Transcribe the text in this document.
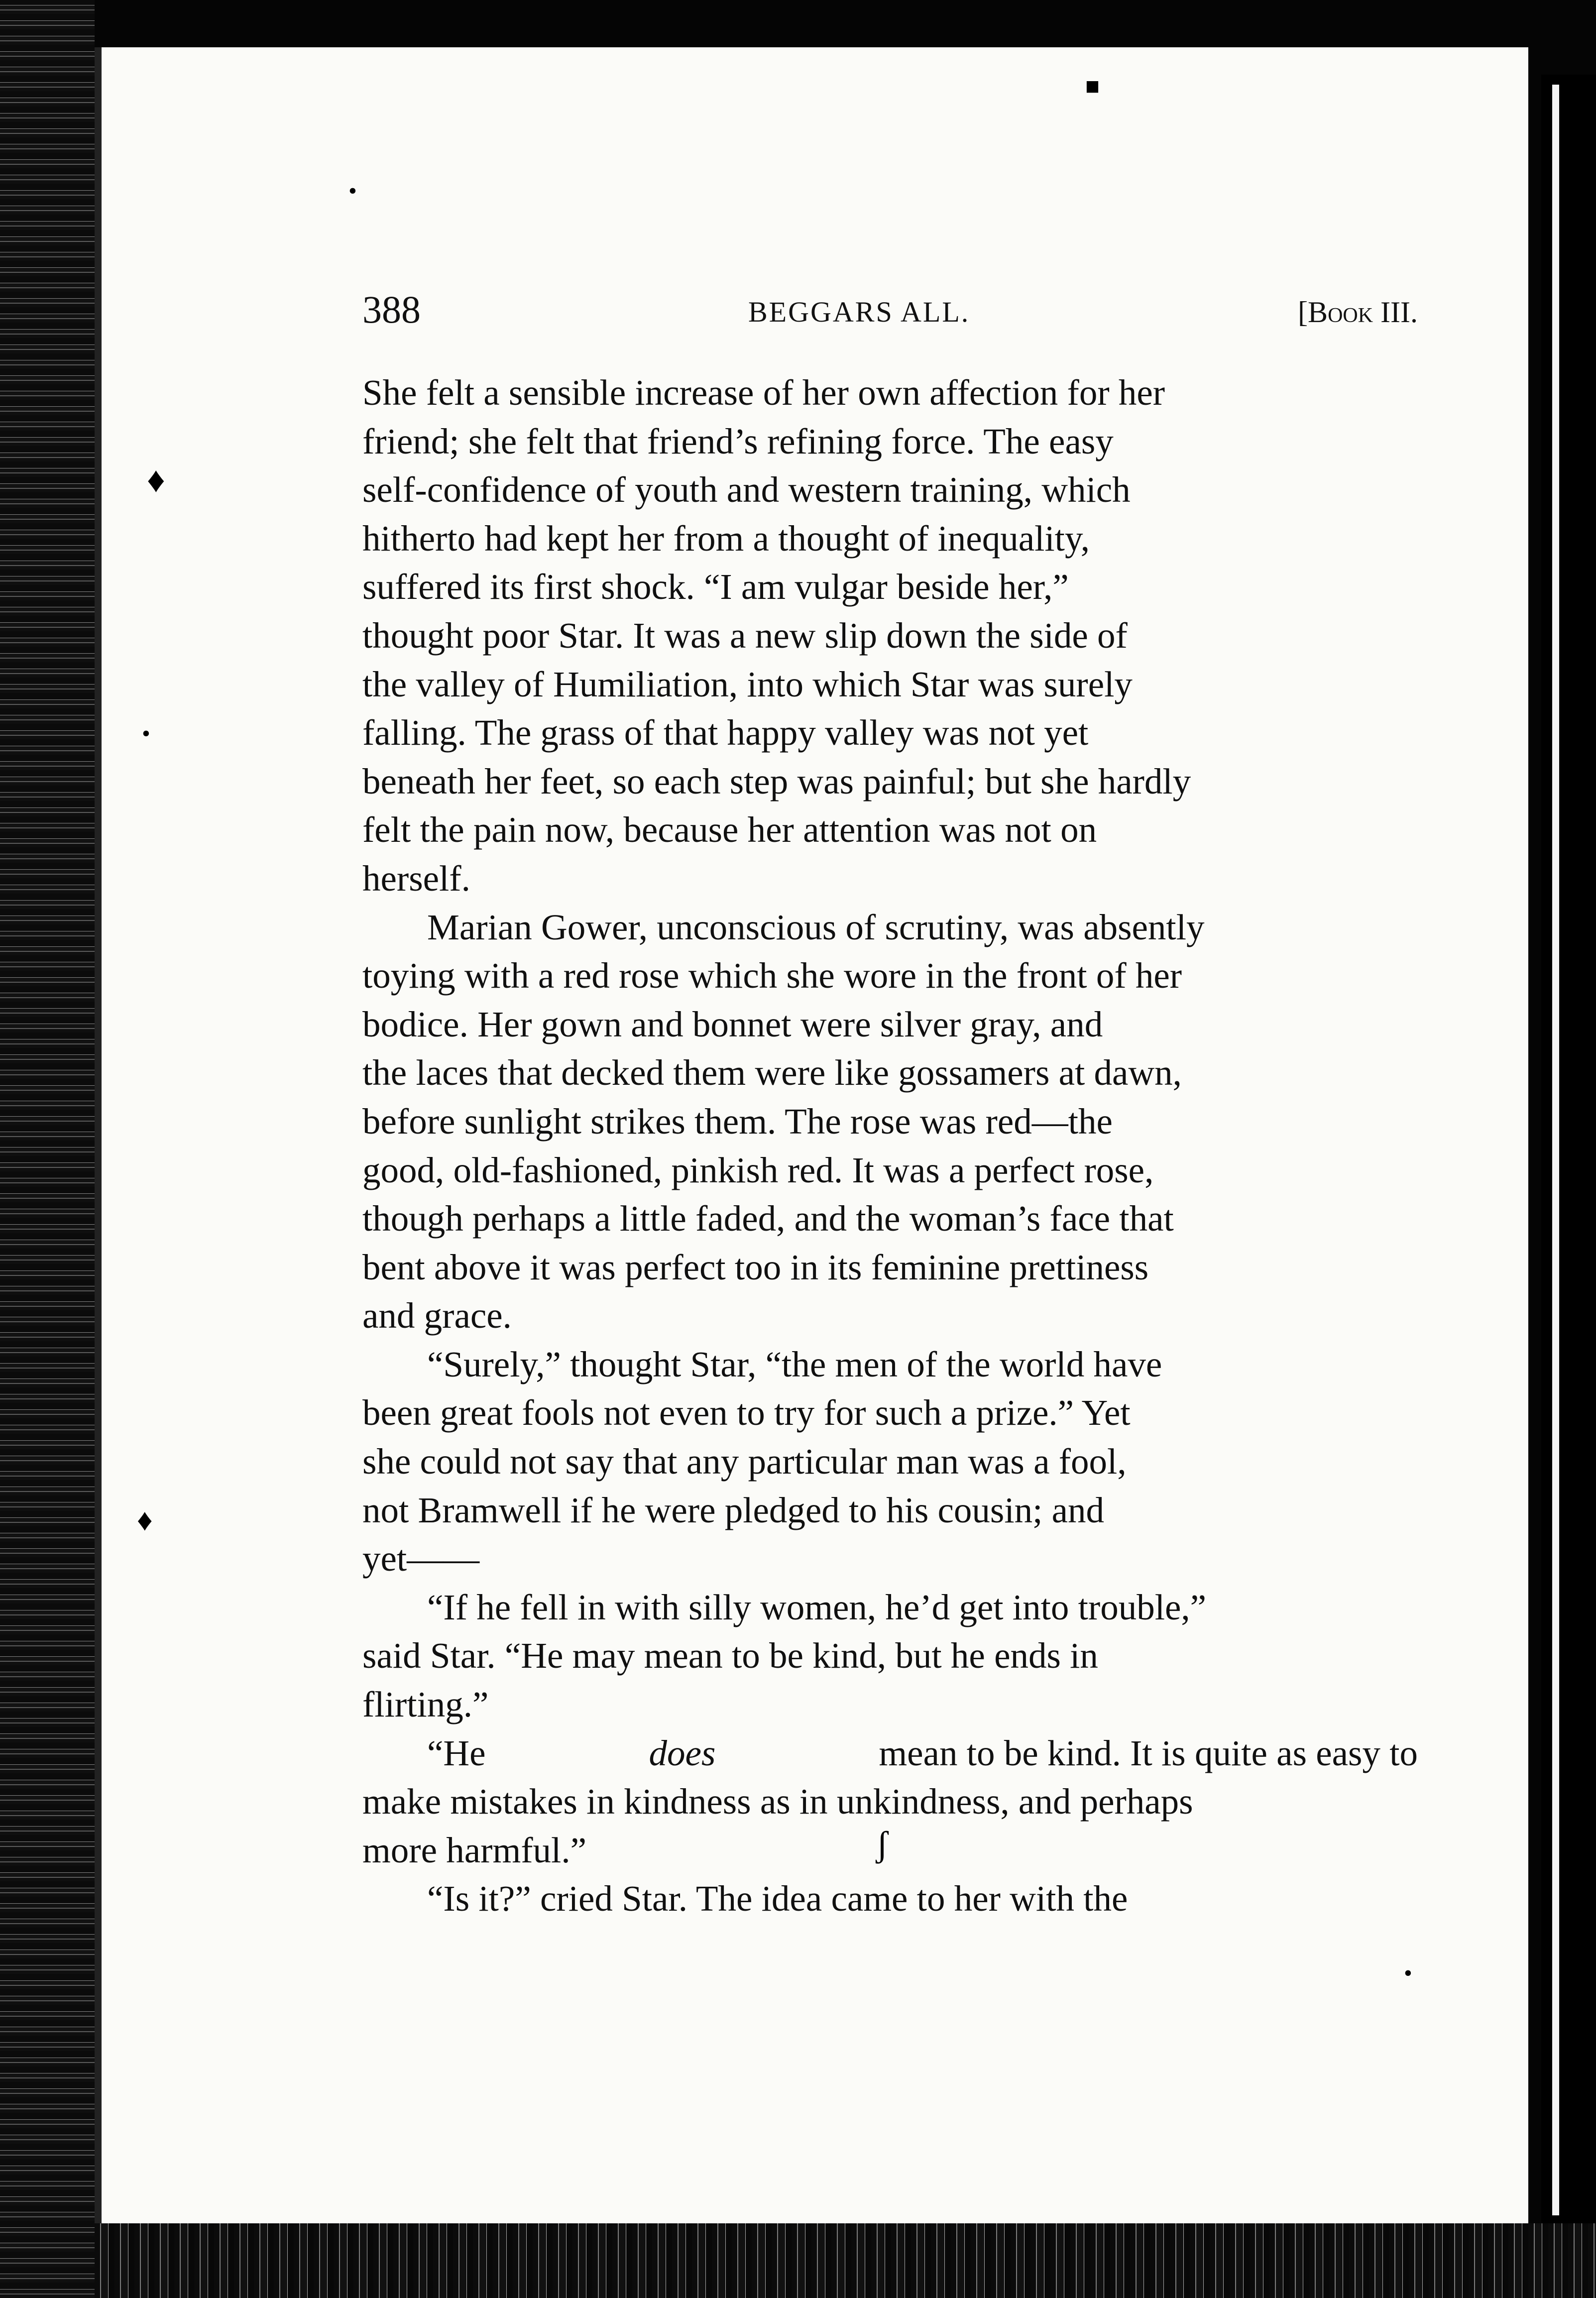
388	BEGGARS ALL.	[Book III.
She felt a sensible increase of her own affection for her
friend; she felt that friend’s refining force. The easy
self-confidence of youth and western training, which
hitherto had kept her from a thought of inequality,
suffered its first shock. “I am vulgar beside her,”
thought poor Star. It was a new slip down the side of
the valley of Humiliation, into which Star was surely
falling. The grass of that happy valley was not yet
beneath her feet, so each step was painful; but she hardly
felt the pain now, because her attention was not on
herself.
Marian Gower, unconscious of scrutiny, was absently
toying with a red rose which she wore in the front of her
bodice. Her gown and bonnet were silver gray, and
the laces that decked them were like gossamers at dawn,
before sunlight strikes them. The rose was red—the
good, old-fashioned, pinkish red. It was a perfect rose,
though perhaps a little faded, and the woman’s face that
bent above it was perfect too in its feminine prettiness
and grace.
“Surely,” thought Star, “the men of the world have
been great fools not even to try for such a prize.” Yet
she could not say that any particular man was a fool,
not Bramwell if he were pledged to his cousin; and
yet——
“If he fell in with silly women, he’d get into trouble,”
said Star. “He may mean to be kind, but he ends in
flirting.”
“He	does	mean to be kind. It is quite as easy to
make mistakes in kindness as in unkindness, and perhaps
more harmful.”
“Is it?” cried Star. The idea came to her with the
■
•
♦
•
♦
ʃ
•
